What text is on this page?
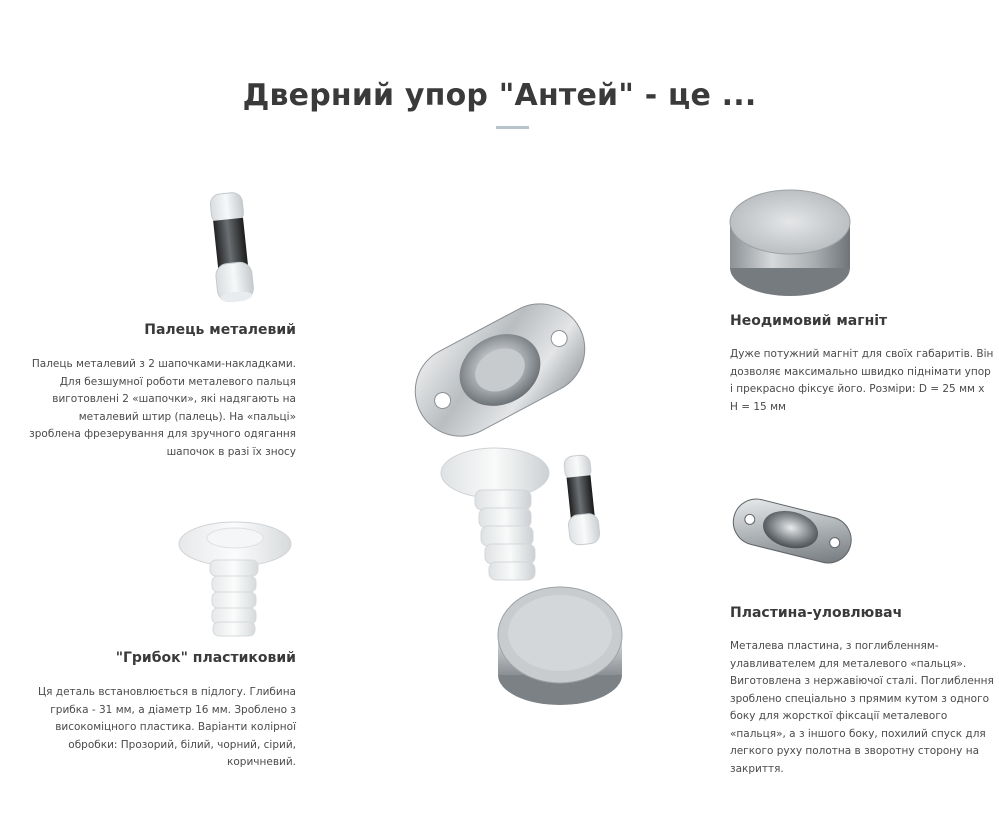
Дверний упор "Антей" - це ...
Палець металевий
Палець металевий з 2 шапочками-накладками.
Для безшумної роботи металевого пальця
виготовлені 2 «шапочки», які надягають на
металевий штир (палець). На «пальці»
зроблена фрезерування для зручного одягання
шапочок в разі їх зносу
"Грибок" пластиковий
Ця деталь встановлюється в підлогу. Глибина
грибка - 31 мм, а діаметр 16 мм. Зроблено з
високоміцного пластика. Варіанти колірної
обробки: Прозорий, білий, чорний, сірий,
коричневий.
Неодимовий магніт
Дуже потужний магніт для своїх габаритів. Він
дозволяє максимально швидко піднімати упор
і прекрасно фіксує його. Розміри: D = 25 мм x
H = 15 мм
Пластина-уловлювач
Металева пластина, з поглибленням-
улавливателем для металевого «пальця».
Виготовлена з нержавіючої сталі. Поглиблення
зроблено спеціально з прямим кутом з одного
боку для жорсткої фіксації металевого
«пальця», а з іншого боку, похилий спуск для
легкого руху полотна в зворотну сторону на
закриття.
